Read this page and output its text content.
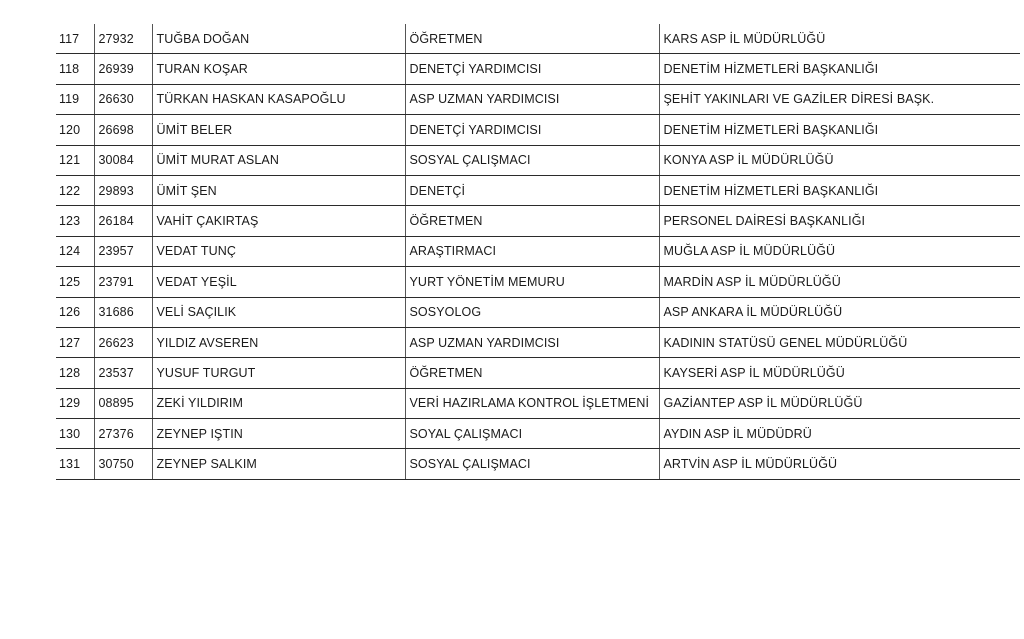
117	27932	TUĞBA DOĞAN	ÖĞRETMEN	KARS ASP İL MÜDÜRLÜĞÜ
118	26939	TURAN KOŞAR	DENETÇİ YARDIMCISI	DENETİM HİZMETLERİ BAŞKANLIĞI
119	26630	TÜRKAN HASKAN KASAPOĞLU	ASP UZMAN YARDIMCISI	ŞEHİT YAKINLARI VE GAZİLER DİRESİ BAŞK.
120	26698	ÜMİT BELER	DENETÇİ YARDIMCISI	DENETİM HİZMETLERİ BAŞKANLIĞI
121	30084	ÜMİT MURAT ASLAN	SOSYAL ÇALIŞMACI	KONYA ASP İL MÜDÜRLÜĞÜ
122	29893	ÜMİT ŞEN	DENETÇİ	DENETİM HİZMETLERİ BAŞKANLIĞI
123	26184	VAHİT ÇAKIRTAŞ	ÖĞRETMEN	PERSONEL DAİRESİ BAŞKANLIĞI
124	23957	VEDAT TUNÇ	ARAŞTIRMACI	MUĞLA ASP İL MÜDÜRLÜĞÜ
125	23791	VEDAT YEŞİL	YURT YÖNETİM MEMURU	MARDİN ASP İL MÜDÜRLÜĞÜ
126	31686	VELİ SAÇILIK	SOSYOLOG	ASP ANKARA İL MÜDÜRLÜĞÜ
127	26623	YILDIZ AVSEREN	ASP UZMAN YARDIMCISI	KADININ STATÜSÜ GENEL MÜDÜRLÜĞÜ
128	23537	YUSUF TURGUT	ÖĞRETMEN	KAYSERİ ASP İL MÜDÜRLÜĞÜ
129	08895	ZEKİ YILDIRIM	VERİ HAZIRLAMA KONTROL İŞLETMENİ	GAZİANTEP ASP İL MÜDÜRLÜĞÜ
130	27376	ZEYNEP IŞTIN	SOYAL ÇALIŞMACI	AYDIN ASP İL MÜDÜDRÜ
131	30750	ZEYNEP SALKIM	SOSYAL ÇALIŞMACI	ARTVİN ASP İL MÜDÜRLÜĞÜ
